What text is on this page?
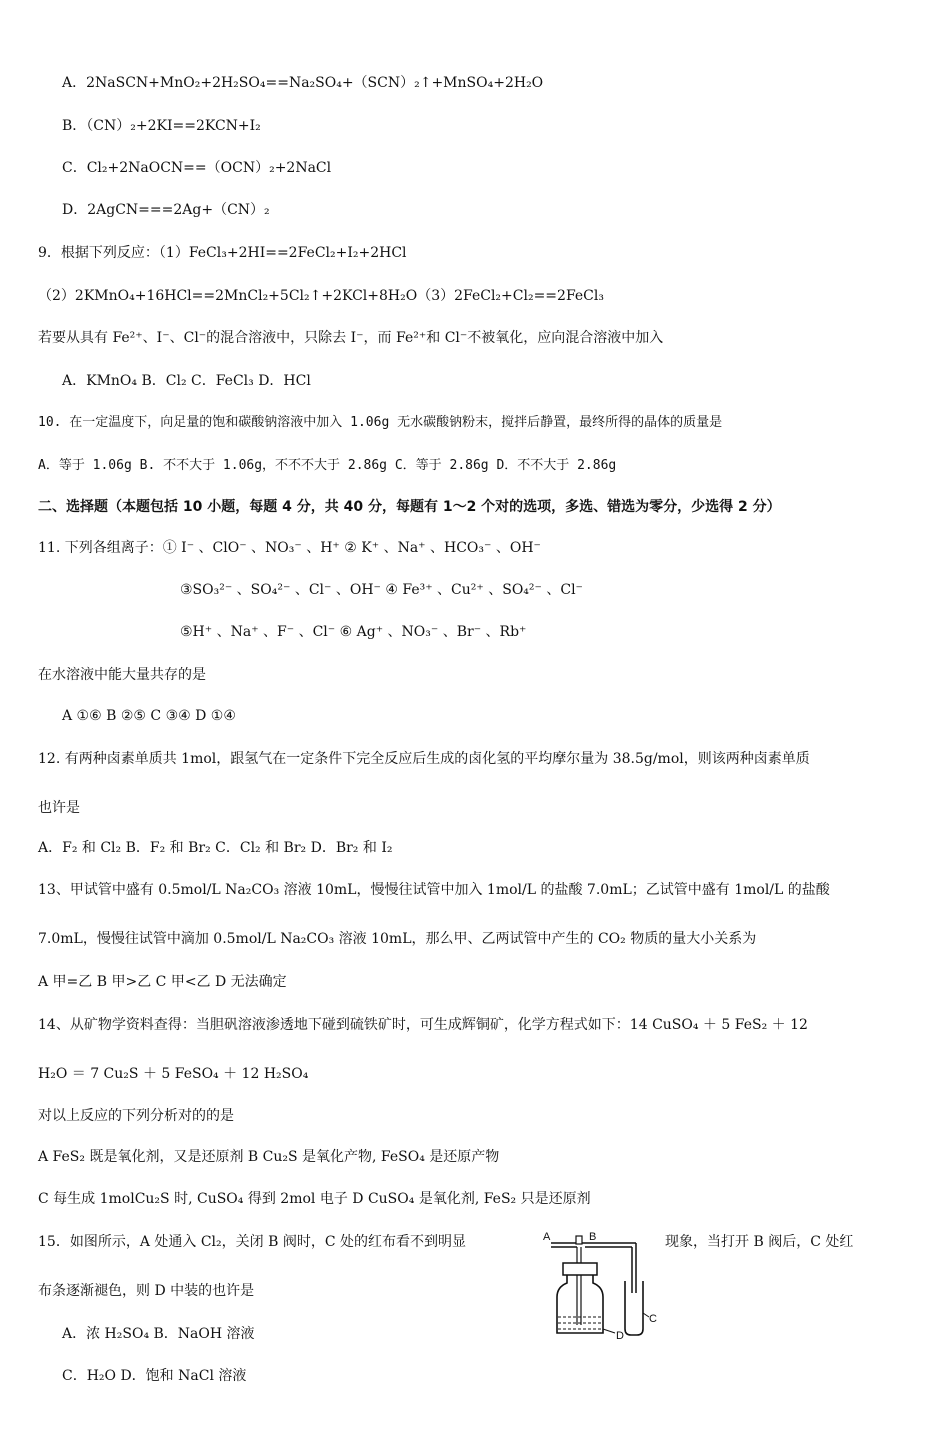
A．2NaSCN+MnO₂+2H₂SO₄==Na₂SO₄+（SCN）₂↑+MnSO₄+2H₂O
B．（CN）₂+2KI==2KCN+I₂
C．Cl₂+2NaOCN==（OCN）₂+2NaCl
D．2AgCN===2Ag+（CN）₂
9．根据下列反应：（1）FeCl₃+2HI==2FeCl₂+I₂+2HCl
（2）2KMnO₄+16HCl==2MnCl₂+5Cl₂↑+2KCl+8H₂O（3）2FeCl₂+Cl₂==2FeCl₃
若要从具有 Fe²⁺、I⁻、Cl⁻的混合溶液中，只除去 I⁻，而 Fe²⁺和 Cl⁻不被氧化，应向混合溶液中加入
A．KMnO₄ B．Cl₂ C．FeCl₃ D．HCl
10. 在一定温度下，向足量的饱和碳酸钠溶液中加入 1.06g 无水碳酸钠粉末，搅拌后静置，最终所得的晶体的质量是
A．等于 1.06g B. 不不大于 1.06g，不不不大于 2.86g C．等于 2.86g D．不不大于 2.86g
二、选择题（本题包括 10 小题，每题 4 分，共 40 分，每题有 1～2 个对的选项，多选、错选为零分，少选得 2 分）
11. 下列各组离子：① I⁻ 、ClO⁻ 、NO₃⁻ 、H⁺ ② K⁺ 、Na⁺ 、HCO₃⁻ 、OH⁻
③SO₃²⁻ 、SO₄²⁻ 、Cl⁻ 、OH⁻ ④ Fe³⁺ 、Cu²⁺ 、SO₄²⁻ 、Cl⁻
⑤H⁺ 、Na⁺ 、F⁻ 、Cl⁻ ⑥ Ag⁺ 、NO₃⁻ 、Br⁻ 、Rb⁺
在水溶液中能大量共存的是
A ①⑥ B ②⑤ C ③④ D ①④
12. 有两种卤素单质共 1mol，跟氢气在一定条件下完全反应后生成的卤化氢的平均摩尔量为 38.5g/mol，则该两种卤素单质
也许是
A．F₂ 和 Cl₂ B．F₂ 和 Br₂ C．Cl₂ 和 Br₂ D．Br₂ 和 I₂
13、甲试管中盛有 0.5mol/L Na₂CO₃ 溶液 10mL，慢慢往试管中加入 1mol/L 的盐酸 7.0mL；乙试管中盛有 1mol/L 的盐酸
7.0mL，慢慢往试管中滴加 0.5mol/L Na₂CO₃ 溶液 10mL，那么甲、乙两试管中产生的 CO₂ 物质的量大小关系为
A 甲=乙 B 甲>乙 C 甲<乙 D 无法确定
14、从矿物学资料查得：当胆矾溶液渗透地下碰到硫铁矿时，可生成辉铜矿，化学方程式如下：14 CuSO₄ ＋ 5 FeS₂ ＋ 12
H₂O ＝ 7 Cu₂S ＋ 5 FeSO₄ ＋ 12 H₂SO₄
对以上反应的下列分析对的的是
A FeS₂ 既是氧化剂，又是还原剂 B Cu₂S 是氧化产物, FeSO₄ 是还原产物
C 每生成 1molCu₂S 时, CuSO₄ 得到 2mol 电子 D CuSO₄ 是氧化剂, FeS₂ 只是还原剂
15．如图所示，A 处通入 Cl₂，关闭 B 阀时，C 处的红布看不到明显	现象，当打开 B 阀后，C 处红
布条逐渐褪色，则 D 中装的也许是
A．浓 H₂SO₄ B．NaOH 溶液
C．H₂O D．饱和 NaCl 溶液
A	B
C
D
